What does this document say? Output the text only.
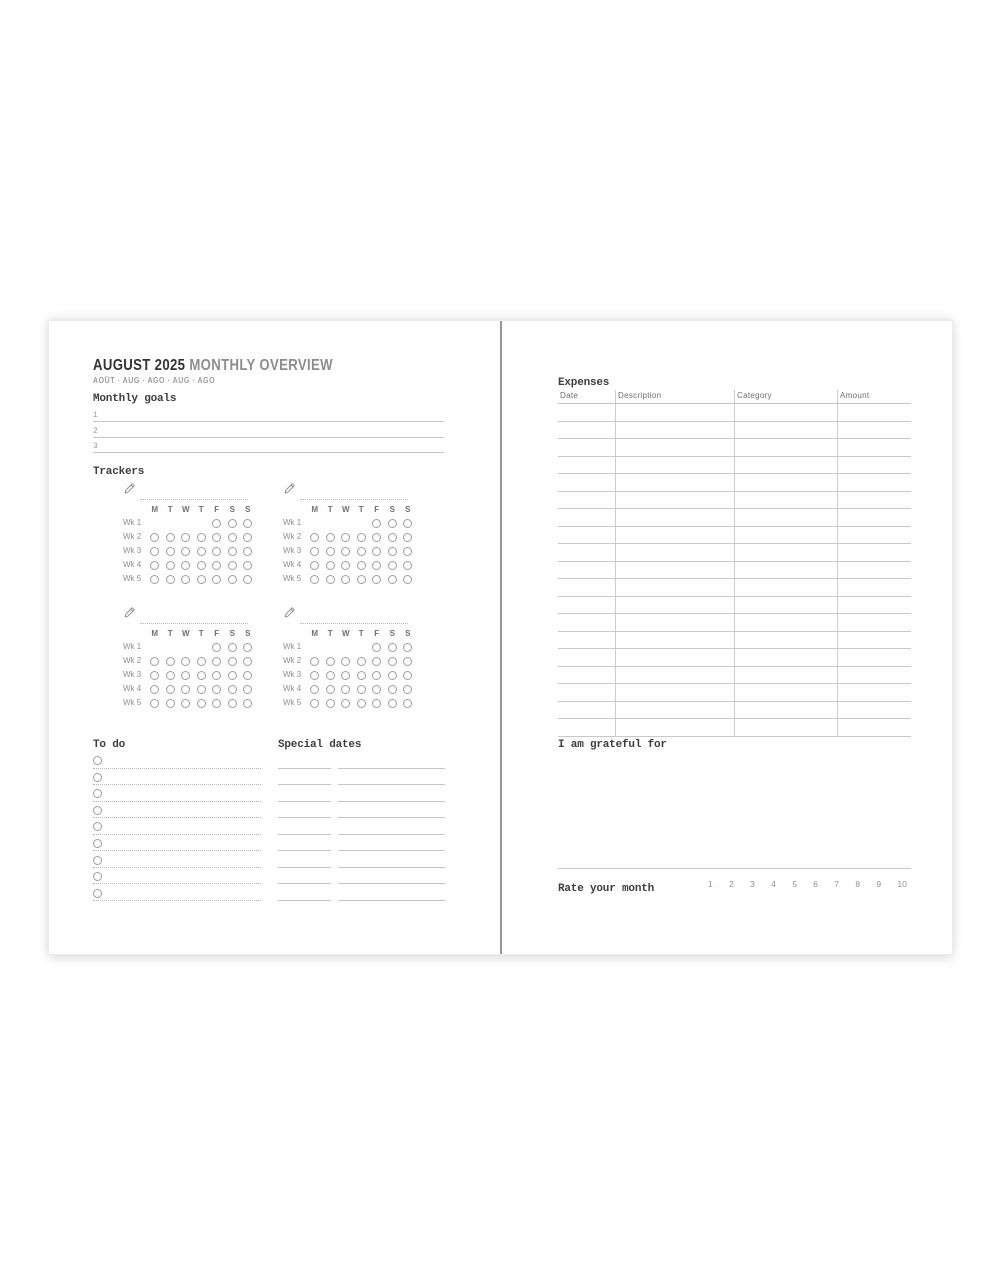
AUGUST 2025 MONTHLY OVERVIEW
AOÛT · AUG · AGO · AUG · AGO
Monthly goals
1
2
3
Trackers
M	T	W	T	F	S	S
Wk 1
Wk 2
Wk 3
Wk 4
Wk 5
M	T	W	T	F	S	S
Wk 1
Wk 2
Wk 3
Wk 4
Wk 5
M	T	W	T	F	S	S
Wk 1
Wk 2
Wk 3
Wk 4
Wk 5
M	T	W	T	F	S	S
Wk 1
Wk 2
Wk 3
Wk 4
Wk 5
To do	Special dates
Expenses
Date	Description	Category	Amount
I am grateful for
Rate your month	1 2 3 4 5 6 7 8 9 10
